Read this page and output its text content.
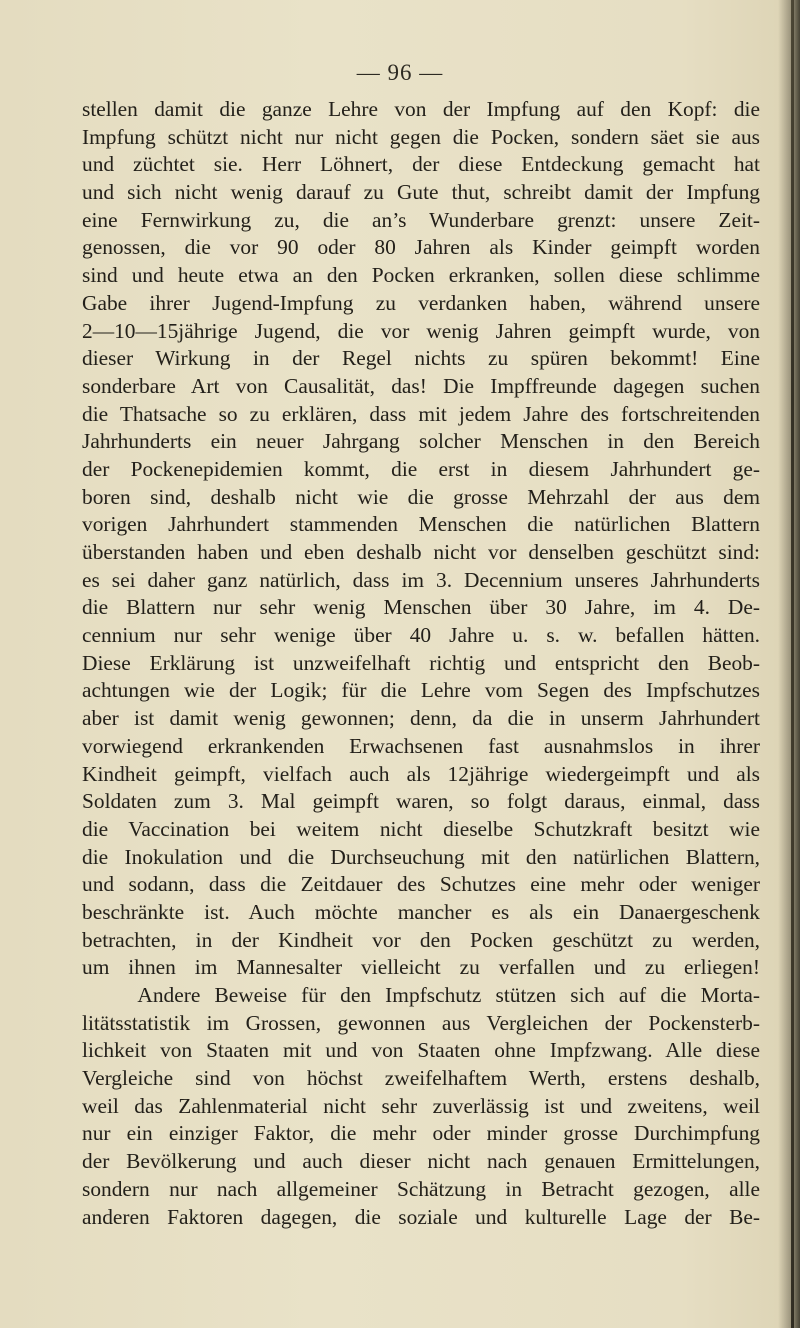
— 96 —
stellen damit die ganze Lehre von der Impfung auf den Kopf: die
Impfung schützt nicht nur nicht gegen die Pocken, sondern säet sie aus
und züchtet sie. Herr Löhnert, der diese Entdeckung gemacht hat
und sich nicht wenig darauf zu Gute thut, schreibt damit der Impfung
eine Fernwirkung zu, die an’s Wunderbare grenzt: unsere Zeit-
genossen, die vor 90 oder 80 Jahren als Kinder geimpft worden
sind und heute etwa an den Pocken erkranken, sollen diese schlimme
Gabe ihrer Jugend-Impfung zu verdanken haben, während unsere
2—10—15jährige Jugend, die vor wenig Jahren geimpft wurde, von
dieser Wirkung in der Regel nichts zu spüren bekommt! Eine
sonderbare Art von Causalität, das! Die Impffreunde dagegen suchen
die Thatsache so zu erklären, dass mit jedem Jahre des fortschreitenden
Jahrhunderts ein neuer Jahrgang solcher Menschen in den Bereich
der Pockenepidemien kommt, die erst in diesem Jahrhundert ge-
boren sind, deshalb nicht wie die grosse Mehrzahl der aus dem
vorigen Jahrhundert stammenden Menschen die natürlichen Blattern
überstanden haben und eben deshalb nicht vor denselben geschützt sind:
es sei daher ganz natürlich, dass im 3. Decennium unseres Jahrhunderts
die Blattern nur sehr wenig Menschen über 30 Jahre, im 4. De-
cennium nur sehr wenige über 40 Jahre u. s. w. befallen hätten.
Diese Erklärung ist unzweifelhaft richtig und entspricht den Beob-
achtungen wie der Logik; für die Lehre vom Segen des Impfschutzes
aber ist damit wenig gewonnen; denn, da die in unserm Jahrhundert
vorwiegend erkrankenden Erwachsenen fast ausnahmslos in ihrer
Kindheit geimpft, vielfach auch als 12jährige wiedergeimpft und als
Soldaten zum 3. Mal geimpft waren, so folgt daraus, einmal, dass
die Vaccination bei weitem nicht dieselbe Schutzkraft besitzt wie
die Inokulation und die Durchseuchung mit den natürlichen Blattern,
und sodann, dass die Zeitdauer des Schutzes eine mehr oder weniger
beschränkte ist. Auch möchte mancher es als ein Danaergeschenk
betrachten, in der Kindheit vor den Pocken geschützt zu werden,
um ihnen im Mannesalter vielleicht zu verfallen und zu erliegen!
Andere Beweise für den Impfschutz stützen sich auf die Morta-
litätsstatistik im Grossen, gewonnen aus Vergleichen der Pockensterb-
lichkeit von Staaten mit und von Staaten ohne Impfzwang. Alle diese
Vergleiche sind von höchst zweifelhaftem Werth, erstens deshalb,
weil das Zahlenmaterial nicht sehr zuverlässig ist und zweitens, weil
nur ein einziger Faktor, die mehr oder minder grosse Durchimpfung
der Bevölkerung und auch dieser nicht nach genauen Ermittelungen,
sondern nur nach allgemeiner Schätzung in Betracht gezogen, alle
anderen Faktoren dagegen, die soziale und kulturelle Lage der Be-
